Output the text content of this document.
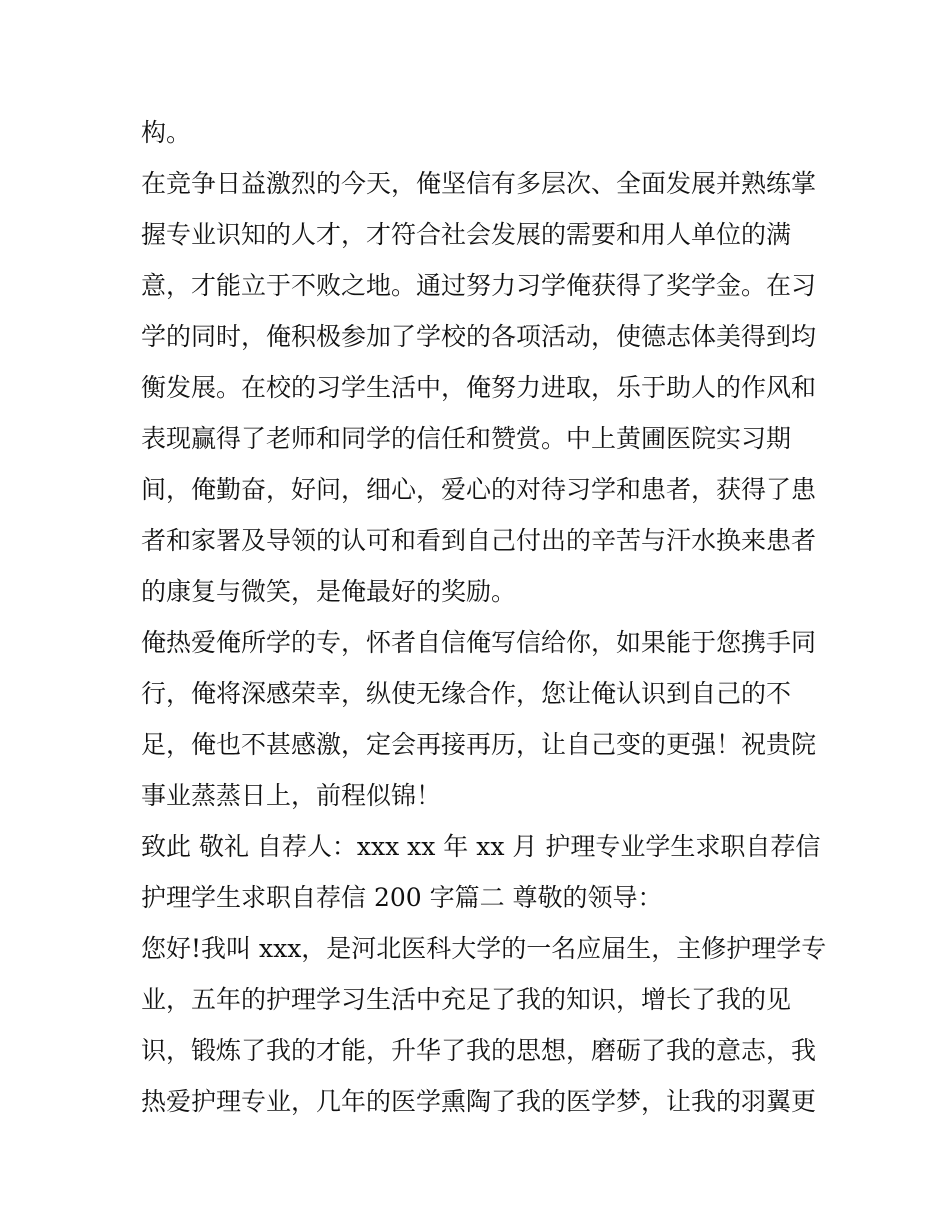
构。
在竞争日益激烈的今天，俺坚信有多层次、全面发展并熟练掌
握专业识知的人才，才符合社会发展的需要和用人单位的满
意，才能立于不败之地。通过努力习学俺获得了奖学金。在习
学的同时，俺积极参加了学校的各项活动，使德志体美得到均
衡发展。在校的习学生活中，俺努力进取，乐于助人的作风和
表现赢得了老师和同学的信任和赞赏。中上黄圃医院实习期
间，俺勤奋，好问，细心，爱心的对待习学和患者，获得了患
者和家署及导领的认可和看到自己付出的辛苦与汗水换来患者
的康复与微笑，是俺最好的奖励。
俺热爱俺所学的专，怀者自信俺写信给你，如果能于您携手同
行，俺将深感荣幸，纵使无缘合作，您让俺认识到自己的不
足，俺也不甚感激，定会再接再历，让自己变的更强！祝贵院
事业蒸蒸日上，前程似锦！
致此 敬礼 自荐人：xxx xx 年 xx 月 护理专业学生求职自荐信
护理学生求职自荐信 200 字篇二 尊敬的领导：
您好!我叫 xxx，是河北医科大学的一名应届生，主修护理学专
业，五年的护理学习生活中充足了我的知识，增长了我的见
识，锻炼了我的才能，升华了我的思想，磨砺了我的意志，我
热爱护理专业，几年的医学熏陶了我的医学梦，让我的羽翼更
